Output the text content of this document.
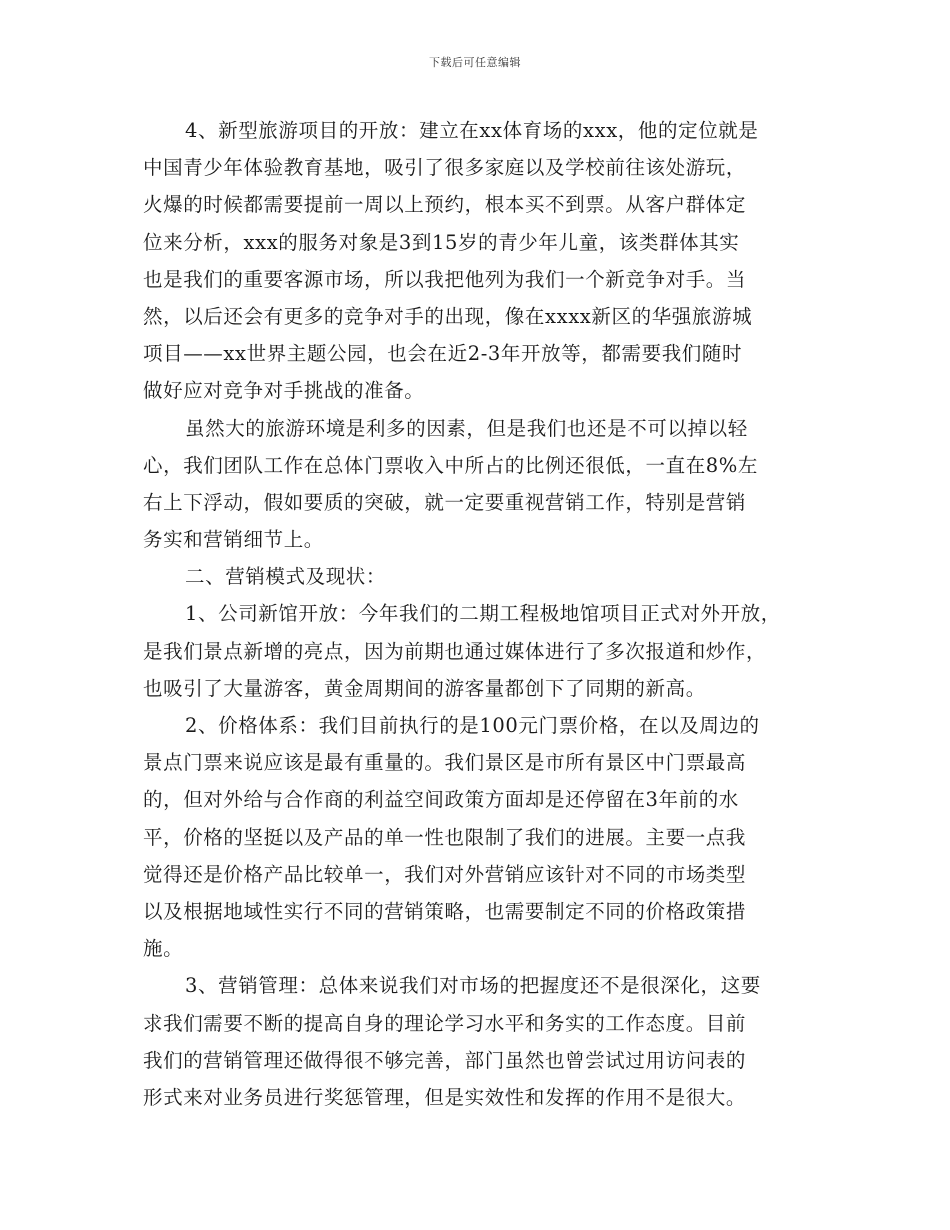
下载后可任意编辑
4、新型旅游项目的开放：建立在xx体育场的xxx，他的定位就是
中国青少年体验教育基地，吸引了很多家庭以及学校前往该处游玩，
火爆的时候都需要提前一周以上预约，根本买不到票。从客户群体定
位来分析，xxx的服务对象是3到15岁的青少年儿童，该类群体其实
也是我们的重要客源市场，所以我把他列为我们一个新竞争对手。当
然，以后还会有更多的竞争对手的出现，像在xxxx新区的华强旅游城
项目——xx世界主题公园，也会在近2-3年开放等，都需要我们随时
做好应对竞争对手挑战的准备。
虽然大的旅游环境是利多的因素，但是我们也还是不可以掉以轻
心，我们团队工作在总体门票收入中所占的比例还很低，一直在8%左
右上下浮动，假如要质的突破，就一定要重视营销工作，特别是营销
务实和营销细节上。
二、营销模式及现状：
1、公司新馆开放：今年我们的二期工程极地馆项目正式对外开放，
是我们景点新增的亮点，因为前期也通过媒体进行了多次报道和炒作，
也吸引了大量游客，黄金周期间的游客量都创下了同期的新高。
2、价格体系：我们目前执行的是100元门票价格，在以及周边的
景点门票来说应该是最有重量的。我们景区是市所有景区中门票最高
的，但对外给与合作商的利益空间政策方面却是还停留在3年前的水
平，价格的坚挺以及产品的单一性也限制了我们的进展。主要一点我
觉得还是价格产品比较单一，我们对外营销应该针对不同的市场类型
以及根据地域性实行不同的营销策略，也需要制定不同的价格政策措
施。
3、营销管理：总体来说我们对市场的把握度还不是很深化，这要
求我们需要不断的提高自身的理论学习水平和务实的工作态度。目前
我们的营销管理还做得很不够完善，部门虽然也曾尝试过用访问表的
形式来对业务员进行奖惩管理，但是实效性和发挥的作用不是很大。
